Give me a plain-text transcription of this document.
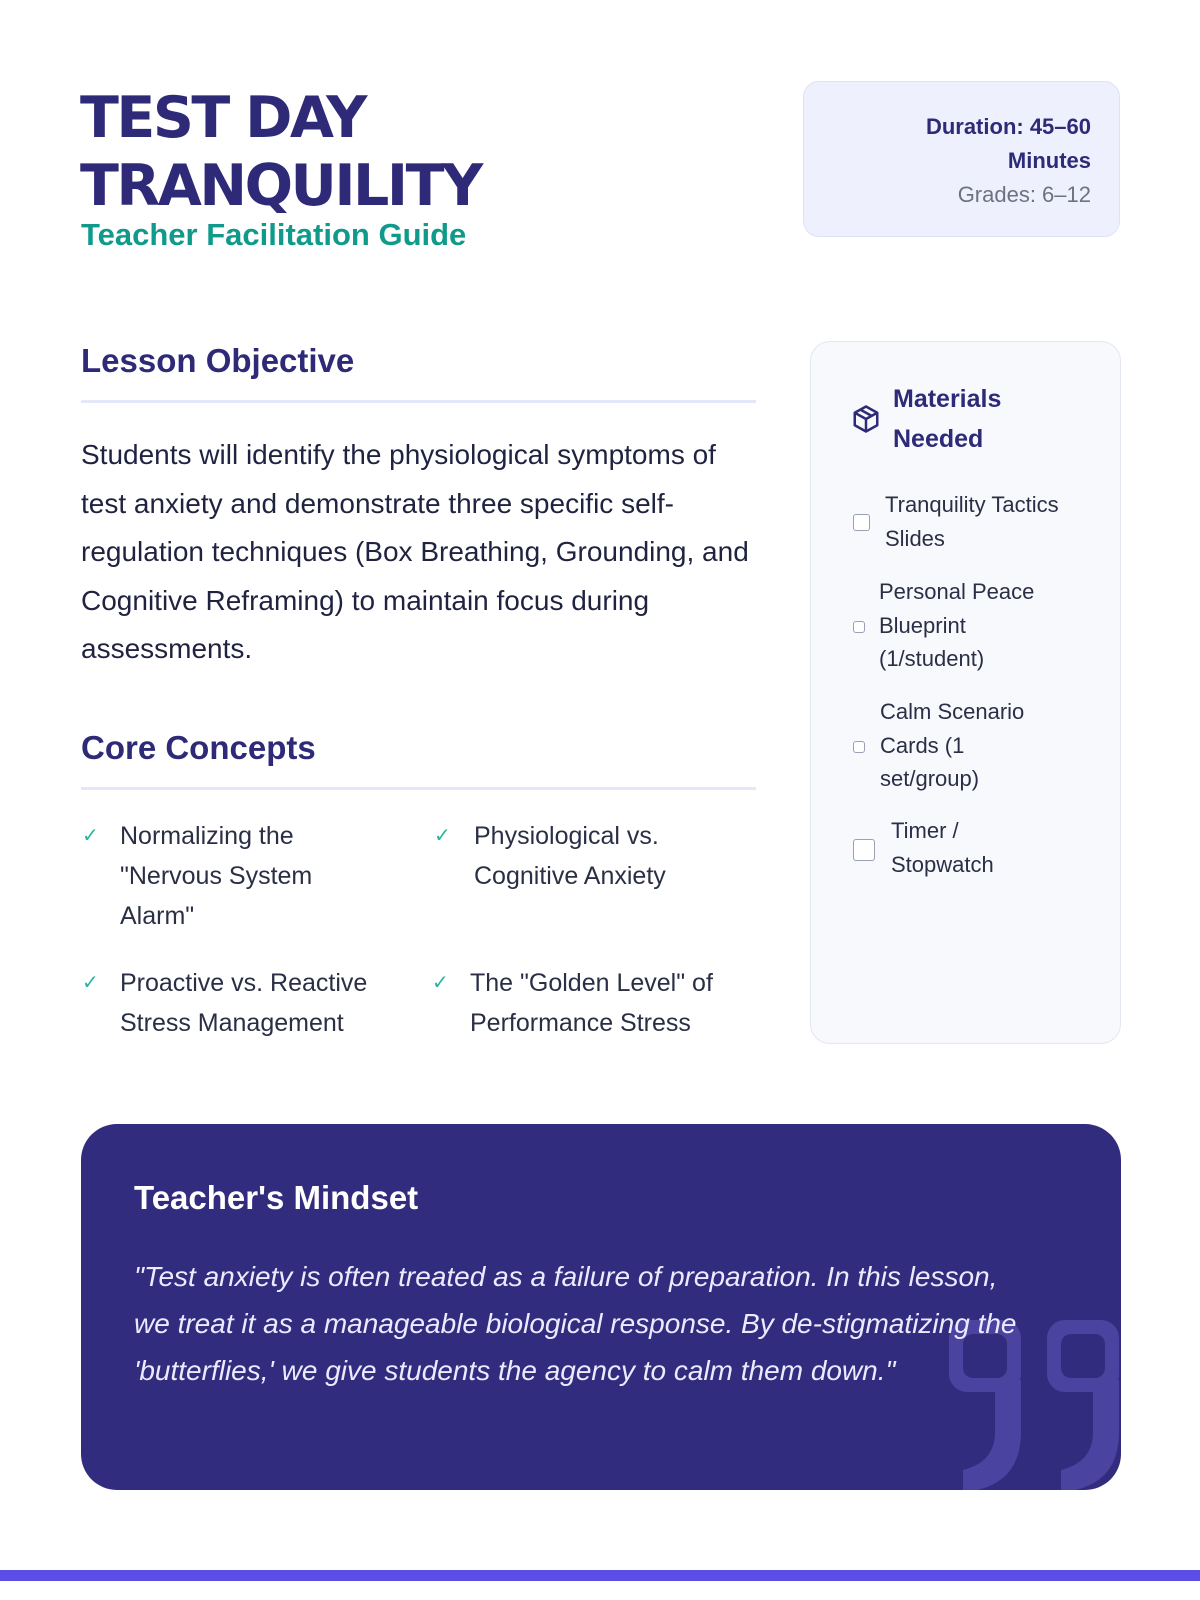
TEST DAY
TRANQUILITY
Teacher Facilitation Guide
Duration: 45–60
Minutes
Grades: 6–12
Lesson Objective
Students will identify the physiological symptoms of test anxiety and demonstrate three specific self-regulation techniques (Box Breathing, Grounding, and Cognitive Reframing) to maintain focus during assessments.
Core Concepts
✓ Normalizing the "Nervous System Alarm"
✓ Physiological vs. Cognitive Anxiety
✓ Proactive vs. Reactive Stress Management
✓ The "Golden Level" of Performance Stress
Materials Needed
Tranquility Tactics Slides
Personal Peace Blueprint (1/student)
Calm Scenario Cards (1 set/group)
Timer / Stopwatch
Teacher's Mindset
"Test anxiety is often treated as a failure of preparation. In this lesson, we treat it as a manageable biological response. By de-stigmatizing the 'butterflies,' we give students the agency to calm them down."
